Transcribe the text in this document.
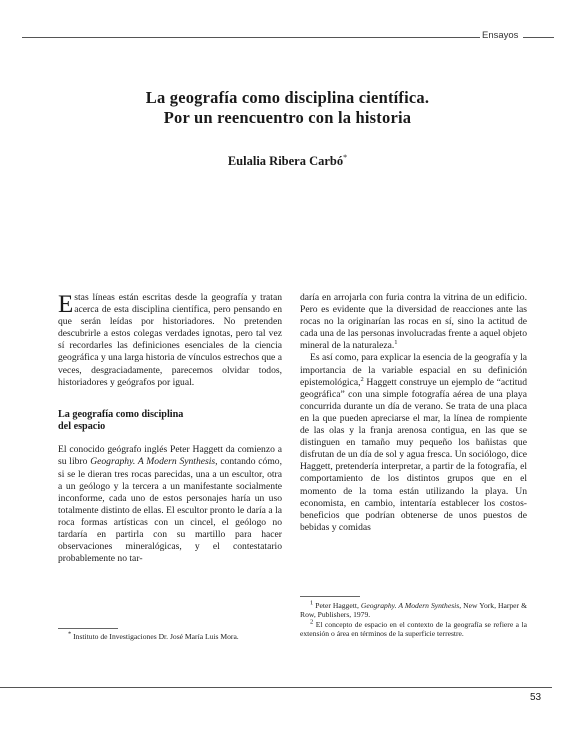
Ensayos
La geografía como disciplina científica.
Por un reencuentro con la historia
Eulalia Ribera Carbó*

Estas líneas están escritas desde la geografía y tratan acerca de esta disciplina científica, pero pensando en que serán leídas por historiadores. No pretenden descubrirle a estos colegas verdades ignotas, pero tal vez sí recordarles las definiciones esenciales de la ciencia geográfica y una larga historia de vínculos estrechos que a veces, desgraciadamente, parecemos olvidar todos, historiadores y geógrafos por igual.

La geografía como disciplina
del espacio

El conocido geógrafo inglés Peter Haggett da comienzo a su libro Geography. A Modern Synthesis, contando cómo, si se le dieran tres rocas parecidas, una a un escultor, otra a un geólogo y la tercera a un manifestante socialmente inconforme, cada uno de estos personajes haría un uso totalmente distinto de ellas. El escultor pronto le daría a la roca formas artísticas con un cincel, el geólogo no tardaría en partirla con su martillo para hacer observaciones mineralógicas, y el contestatario probablemente no tar-

daría en arrojarla con furia contra la vitrina de un edificio. Pero es evidente que la diversidad de reacciones ante las rocas no la originarían las rocas en sí, sino la actitud de cada una de las personas involucradas frente a aquel objeto mineral de la naturaleza.$^1$

Es así como, para explicar la esencia de la geografía y la importancia de la variable espacial en su definición epistemológica,$^2$ Haggett construye un ejemplo de “actitud geográfica” con una simple fotografía aérea de una playa concurrida durante un día de verano. Se trata de una placa en la que pueden apreciarse el mar, la línea de rompiente de las olas y la franja arenosa contigua, en las que se distinguen en tamaño muy pequeño los bañistas que disfrutan de un día de sol y agua fresca. Un sociólogo, dice Haggett, pretendería interpretar, a partir de la fotografía, el comportamiento de los distintos grupos que en el momento de la toma están utilizando la playa. Un economista, en cambio, intentaría establecer los costos-beneficios que podrían obtenerse de unos puestos de bebidas y comidas

* Instituto de Investigaciones Dr. José María Luis Mora.

1 Peter Haggett, Geography. A Modern Synthesis, New York, Harper & Row, Publishers, 1979.

2 El concepto de espacio en el contexto de la geografía se refiere a la extensión o área en términos de la superficie terrestre.

53
